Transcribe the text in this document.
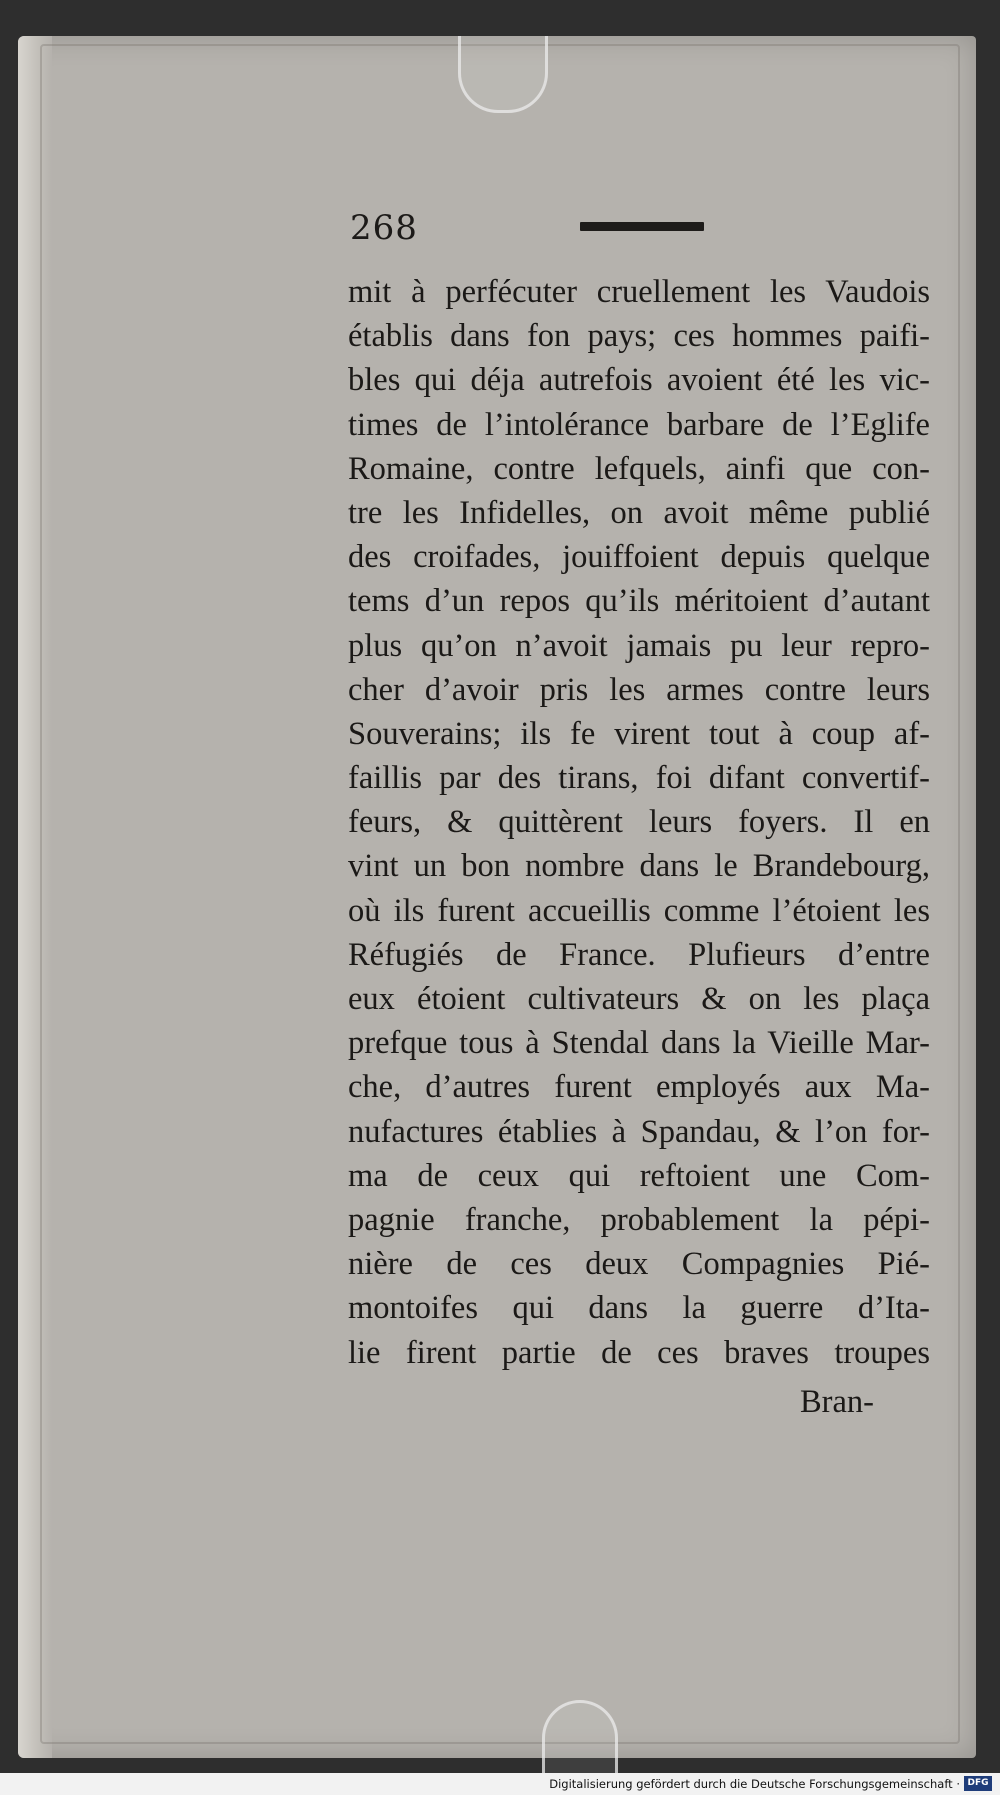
268
mit à perfécuter cruellement les Vaudois
établis dans fon pays; ces hommes paifi-
bles qui déja autrefois avoient été les vic-
times de l’intolérance barbare de l’Eglife
Romaine, contre lefquels, ainfi que con-
tre les Infidelles, on avoit même publié
des croifades, jouiffoient depuis quelque
tems d’un repos qu’ils méritoient d’autant
plus qu’on n’avoit jamais pu leur repro-
cher d’avoir pris les armes contre leurs
Souverains; ils fe virent tout à coup af-
faillis par des tirans, foi difant convertif-
feurs, & quittèrent leurs foyers. Il en
vint un bon nombre dans le Brandebourg,
où ils furent accueillis comme l’étoient les
Réfugiés de France. Plufieurs d’entre
eux étoient cultivateurs & on les plaça
prefque tous à Stendal dans la Vieille Mar-
che, d’autres furent employés aux Ma-
nufactures établies à Spandau, & l’on for-
ma de ceux qui reftoient une Com-
pagnie franche, probablement la pépi-
nière de ces deux Compagnies Pié-
montoifes qui dans la guerre d’Ita-
lie firent partie de ces braves troupes
Bran-
Digitalisierung gefördert durch die Deutsche Forschungsgemeinschaft · DFG
